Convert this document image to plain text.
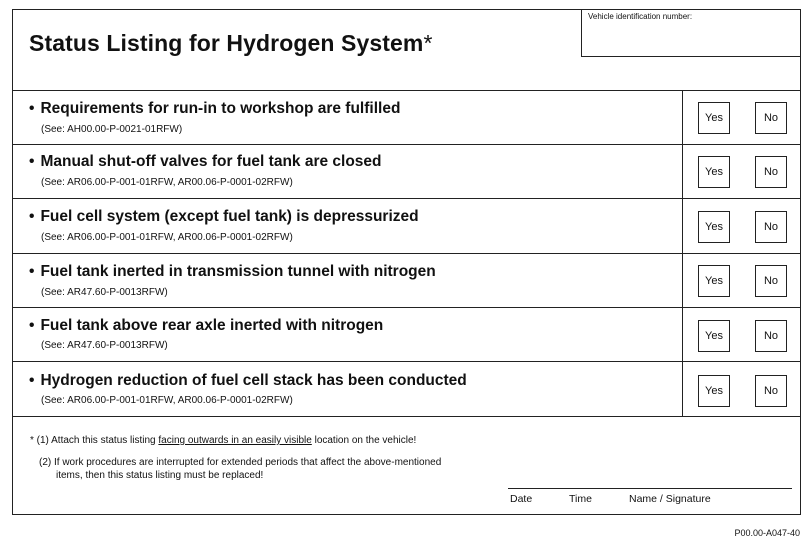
Status Listing for Hydrogen System*
Vehicle identification number:
• Requirements for run-in to workshop are fulfilled
(See: AH00.00-P-0021-01RFW)
Yes	No
• Manual shut-off valves for fuel tank are closed
(See: AR06.00-P-001-01RFW, AR00.06-P-0001-02RFW)
Yes	No
• Fuel cell system (except fuel tank) is depressurized
(See: AR06.00-P-001-01RFW, AR00.06-P-0001-02RFW)
Yes	No
• Fuel tank inerted in transmission tunnel with nitrogen
(See: AR47.60-P-0013RFW)
Yes	No
• Fuel tank above rear axle inerted with nitrogen
(See: AR47.60-P-0013RFW)
Yes	No
• Hydrogen reduction of fuel cell stack has been conducted
(See: AR06.00-P-001-01RFW, AR00.06-P-0001-02RFW)
Yes	No
* (1) Attach this status listing facing outwards in an easily visible location on the vehicle!
(2) If work procedures are interrupted for extended periods that affect the above-mentioned
items, then this status listing must be replaced!
Date	Time	Name / Signature
P00.00-A047-40
